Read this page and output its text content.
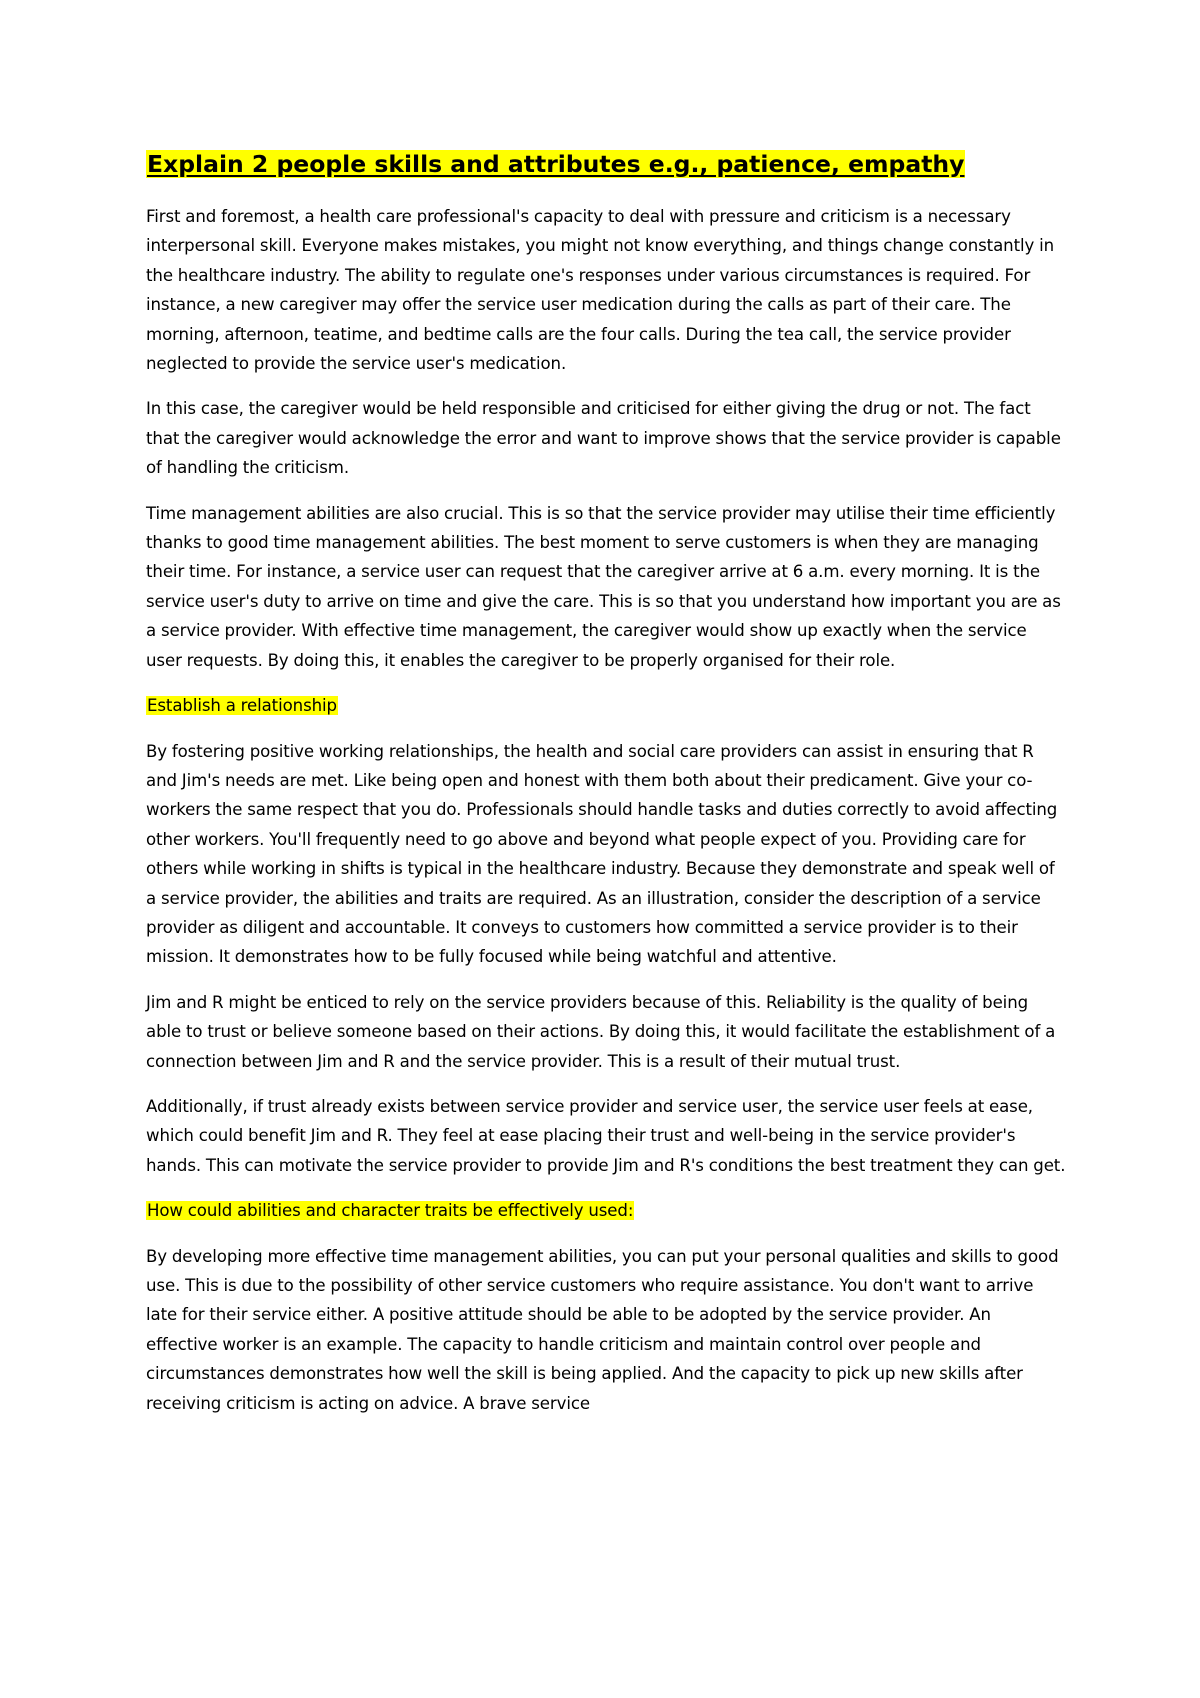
Explain 2 people skills and attributes e.g., patience, empathy

First and foremost, a health care professional's capacity to deal with pressure and criticism is a necessary interpersonal skill. Everyone makes mistakes, you might not know everything, and things change constantly in the healthcare industry. The ability to regulate one's responses under various circumstances is required. For instance, a new caregiver may offer the service user medication during the calls as part of their care. The morning, afternoon, teatime, and bedtime calls are the four calls. During the tea call, the service provider neglected to provide the service user's medication.

In this case, the caregiver would be held responsible and criticised for either giving the drug or not. The fact that the caregiver would acknowledge the error and want to improve shows that the service provider is capable of handling the criticism.

Time management abilities are also crucial. This is so that the service provider may utilise their time efficiently thanks to good time management abilities. The best moment to serve customers is when they are managing their time. For instance, a service user can request that the caregiver arrive at 6 a.m. every morning. It is the service user's duty to arrive on time and give the care. This is so that you understand how important you are as a service provider. With effective time management, the caregiver would show up exactly when the service user requests. By doing this, it enables the caregiver to be properly organised for their role.

Establish a relationship

By fostering positive working relationships, the health and social care providers can assist in ensuring that R and Jim's needs are met. Like being open and honest with them both about their predicament. Give your co-workers the same respect that you do. Professionals should handle tasks and duties correctly to avoid affecting other workers. You'll frequently need to go above and beyond what people expect of you. Providing care for others while working in shifts is typical in the healthcare industry. Because they demonstrate and speak well of a service provider, the abilities and traits are required. As an illustration, consider the description of a service provider as diligent and accountable. It conveys to customers how committed a service provider is to their mission. It demonstrates how to be fully focused while being watchful and attentive.

Jim and R might be enticed to rely on the service providers because of this. Reliability is the quality of being able to trust or believe someone based on their actions. By doing this, it would facilitate the establishment of a connection between Jim and R and the service provider. This is a result of their mutual trust.

Additionally, if trust already exists between service provider and service user, the service user feels at ease, which could benefit Jim and R. They feel at ease placing their trust and well-being in the service provider's hands. This can motivate the service provider to provide Jim and R's conditions the best treatment they can get.

How could abilities and character traits be effectively used:

By developing more effective time management abilities, you can put your personal qualities and skills to good use. This is due to the possibility of other service customers who require assistance. You don't want to arrive late for their service either. A positive attitude should be able to be adopted by the service provider. An effective worker is an example. The capacity to handle criticism and maintain control over people and circumstances demonstrates how well the skill is being applied. And the capacity to pick up new skills after receiving criticism is acting on advice. A brave service
